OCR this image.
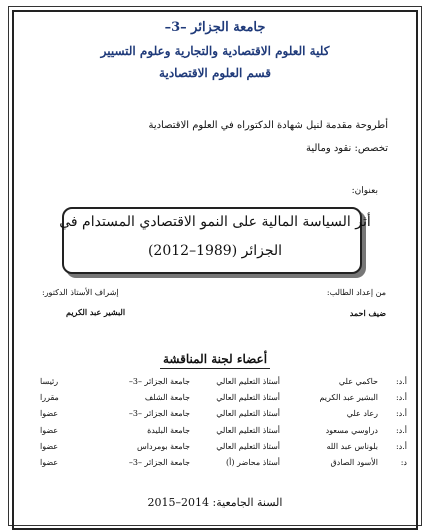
جامعة الجزائر –3–
كلية العلوم الاقتصادية والتجارية وعلوم التسيير
قسم العلوم الاقتصادية
أطروحة مقدمة لنيل شهادة الدكتوراه في العلوم الاقتصادية
تخصص: نقود ومالية
بعنوان:
أثر السياسة المالية على النمو الاقتصادي المستدام في
الجزائر (1989–2012)
من إعداد الطالب:
ضيف احمد
إشراف الأستاذ الدكتور:
البشير عبد الكريم
أعضاء لجنة المناقشة
أ.د:
حاكمي علي
أستاذ التعليم العالي
جامعة الجزائر –3–
رئيسا
أ.د:
البشير عبد الكريم
أستاذ التعليم العالي
جامعة الشلف
مقررا
أ.د:
رعاد علي
أستاذ التعليم العالي
جامعة الجزائر –3–
عضوا
أ.د:
دراوسي مسعود
أستاذ التعليم العالي
جامعة البليدة
عضوا
أ.د:
بلوناس عبد الله
أستاذ التعليم العالي
جامعة بومرداس
عضوا
د:
الأسود الصادق
أستاذ محاضر (أ)
جامعة الجزائر –3–
عضوا
السنة الجامعية: 2014–2015
